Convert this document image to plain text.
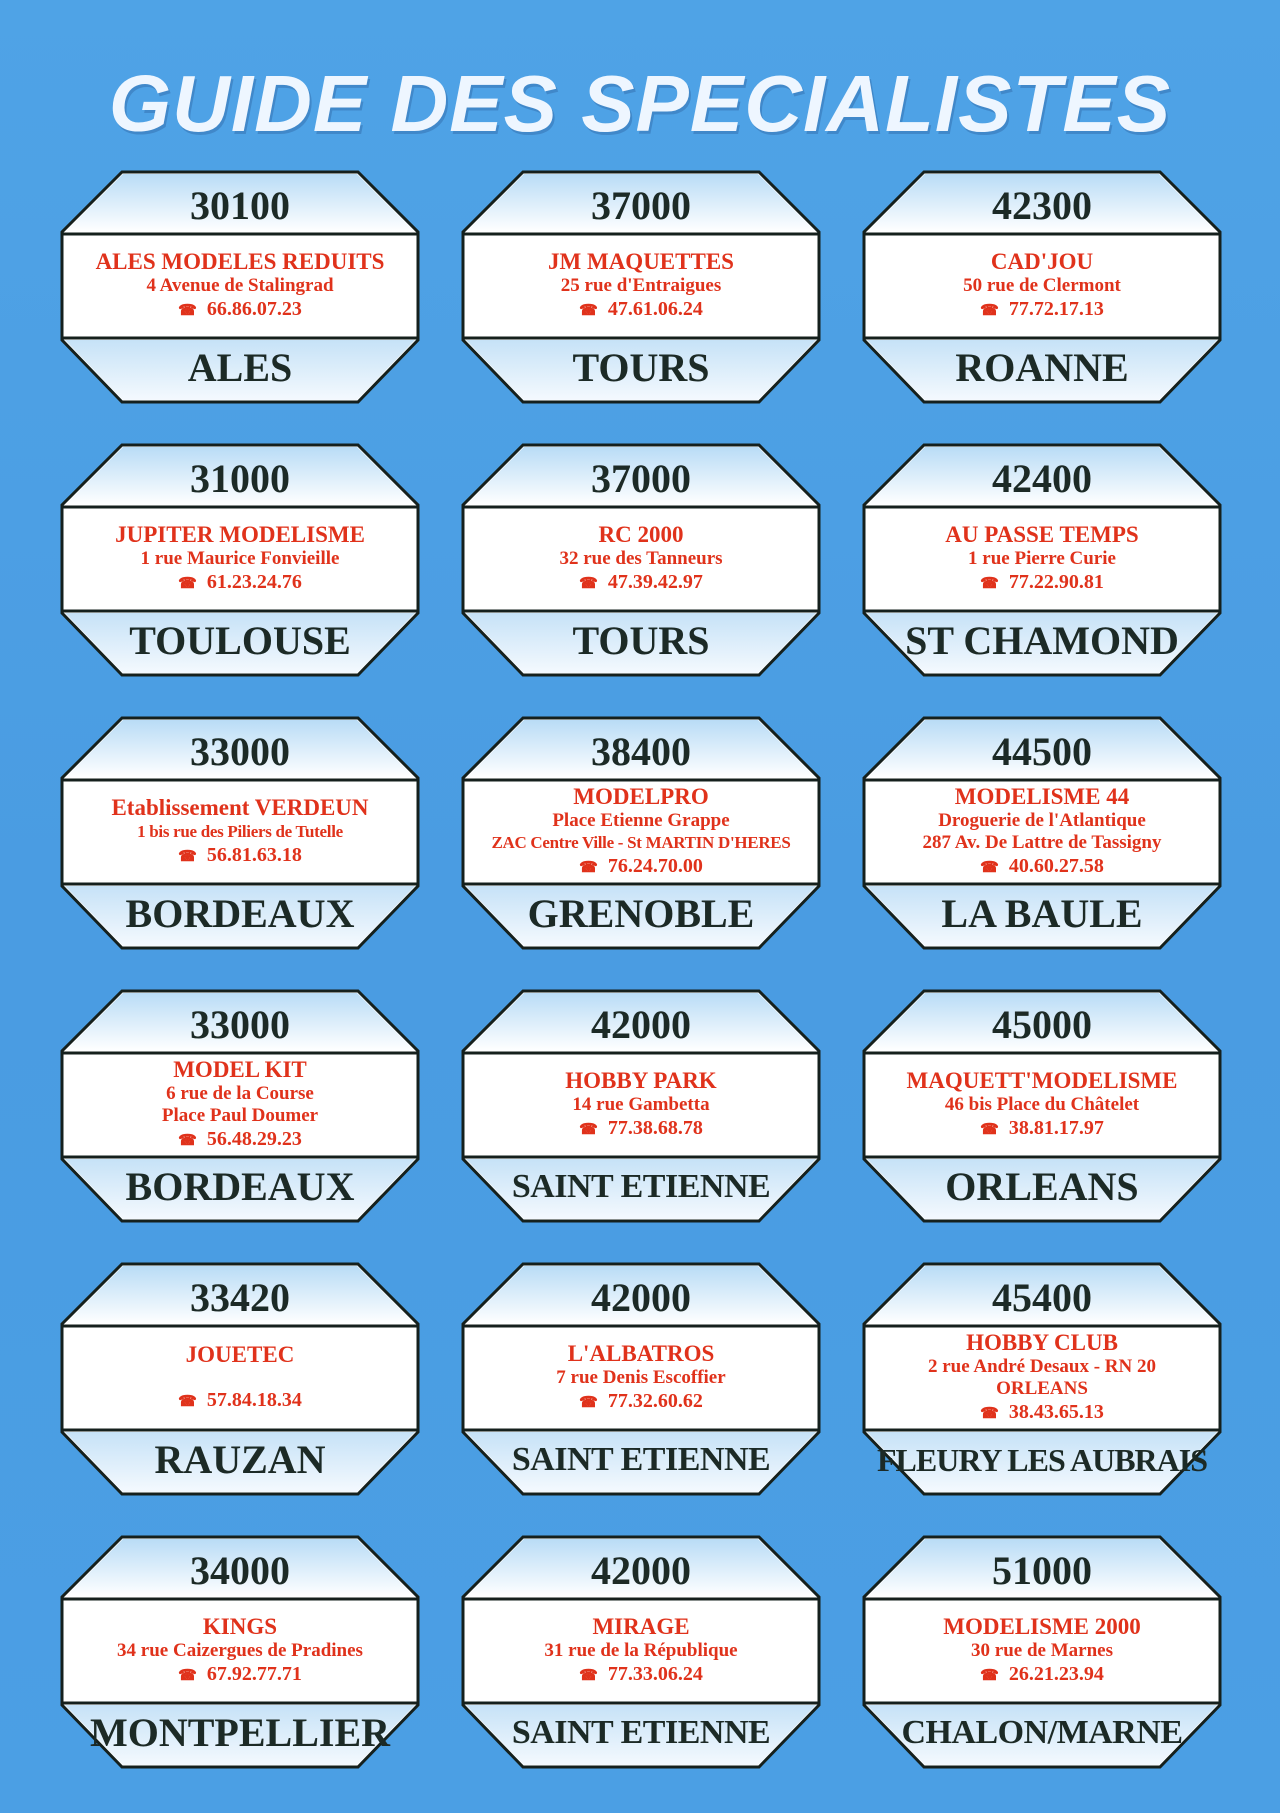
GUIDE DES SPECIALISTES
30100
ALES MODELES REDUITS
4 Avenue de Stalingrad
☎ 66.86.07.23
ALES
37000
JM MAQUETTES
25 rue d'Entraigues
☎ 47.61.06.24
TOURS
42300
CAD'JOU
50 rue de Clermont
☎ 77.72.17.13
ROANNE
31000
JUPITER MODELISME
1 rue Maurice Fonvieille
☎ 61.23.24.76
TOULOUSE
37000
RC 2000
32 rue des Tanneurs
☎ 47.39.42.97
TOURS
42400
AU PASSE TEMPS
1 rue Pierre Curie
☎ 77.22.90.81
ST CHAMOND
33000
Etablissement VERDEUN
1 bis rue des Piliers de Tutelle
☎ 56.81.63.18
BORDEAUX
38400
MODELPRO
Place Etienne Grappe
ZAC Centre Ville - St MARTIN D'HERES
☎ 76.24.70.00
GRENOBLE
44500
MODELISME 44
Droguerie de l'Atlantique
287 Av. De Lattre de Tassigny
☎ 40.60.27.58
LA BAULE
33000
MODEL KIT
6 rue de la Course
Place Paul Doumer
☎ 56.48.29.23
BORDEAUX
42000
HOBBY PARK
14 rue Gambetta
☎ 77.38.68.78
SAINT ETIENNE
45000
MAQUETT'MODELISME
46 bis Place du Châtelet
☎ 38.81.17.97
ORLEANS
33420
JOUETEC
☎ 57.84.18.34
RAUZAN
42000
L'ALBATROS
7 rue Denis Escoffier
☎ 77.32.60.62
SAINT ETIENNE
45400
HOBBY CLUB
2 rue André Desaux - RN 20
ORLEANS
☎ 38.43.65.13
FLEURY LES AUBRAIS
34000
KINGS
34 rue Caizergues de Pradines
☎ 67.92.77.71
MONTPELLIER
42000
MIRAGE
31 rue de la République
☎ 77.33.06.24
SAINT ETIENNE
51000
MODELISME 2000
30 rue de Marnes
☎ 26.21.23.94
CHALON/MARNE
